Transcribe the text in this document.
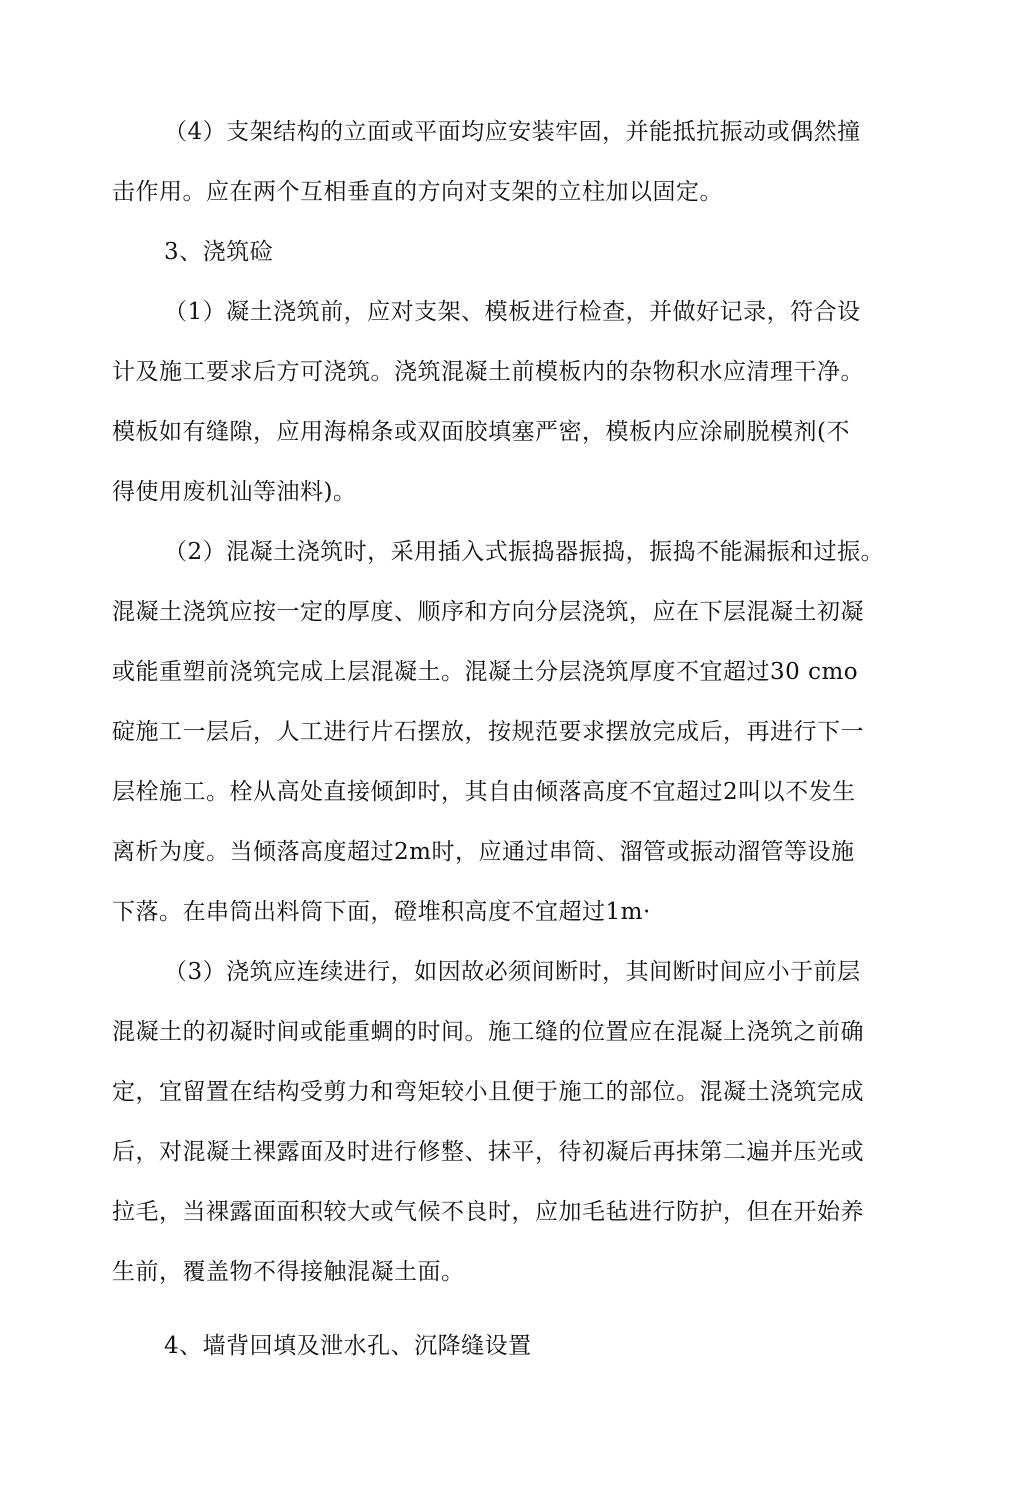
（4）支架结构的立面或平面均应安装牢固，并能抵抗振动或偶然撞

击作用。应在两个互相垂直的方向对支架的立柱加以固定。

3、浇筑硷

（1）凝土浇筑前，应对支架、模板进行检查，并做好记录，符合设

计及施工要求后方可浇筑。浇筑混凝土前模板内的杂物积水应清理干净。

模板如有缝隙，应用海棉条或双面胶填塞严密，模板内应涂刷脱模剂(不

得使用废机汕等油料)。

（2）混凝土浇筑时，采用插入式振捣器振捣，振捣不能漏振和过振。

混凝土浇筑应按一定的厚度、顺序和方向分层浇筑，应在下层混凝土初凝

或能重塑前浇筑完成上层混凝土。混凝土分层浇筑厚度不宜超过30 cmo

碇施工一层后，人工进行片石摆放，按规范要求摆放完成后，再进行下一

层栓施工。栓从高处直接倾卸时，其自由倾落高度不宜超过2叫以不发生

离析为度。当倾落高度超过2m时，应通过串筒、溜管或振动溜管等设施

下落。在串筒出料筒下面，磴堆积高度不宜超过1m·

（3）浇筑应连续进行，如因故必须间断时，其间断时间应小于前层

混凝土的初凝时间或能重蜩的时间。施工缝的位置应在混凝上浇筑之前确

定，宜留置在结构受剪力和弯矩较小且便于施工的部位。混凝土浇筑完成

后，对混凝土裸露面及时进行修整、抹平，待初凝后再抹第二遍并压光或

拉毛，当裸露面面积较大或气候不良时，应加毛毡进行防护，但在开始养

生前，覆盖物不得接触混凝土面。

4、墙背回填及泄水孔、沉降缝设置
